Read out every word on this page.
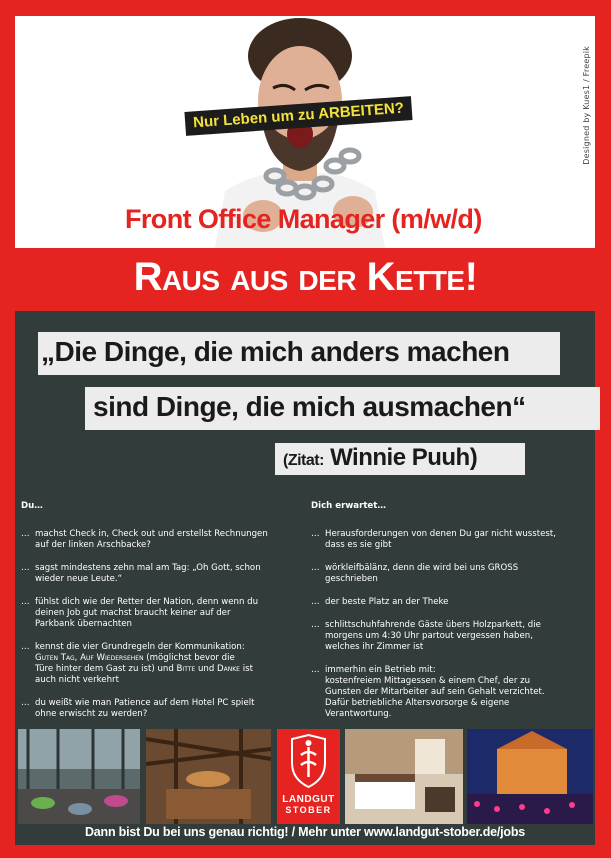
Designed by Kues1 / Freepik
Nur Leben um zu ARBEITEN?
Front Office Manager (m/w/d)
Raus aus der Kette!
„Die Dinge, die mich anders machen
sind Dinge, die mich ausmachen“
(Zitat: Winnie Puuh)
Du…
… machst Check in, Check out und erstellst Rechnungen
auf der linken Arschbacke?
… sagst mindestens zehn mal am Tag: „Oh Gott, schon
wieder neue Leute.“
… fühlst dich wie der Retter der Nation, denn wenn du
deinen Job gut machst braucht keiner auf der
Parkbank übernachten
… kennst die vier Grundregeln der Kommunikation:
Guten Tag, Auf Wiedersehen (möglichst bevor die
Türe hinter dem Gast zu ist) und Bitte und Danke ist
auch nicht verkehrt
… du weißt wie man Patience auf dem Hotel PC spielt
ohne erwischt zu werden?
Dich erwartet…
… Herausforderungen von denen Du gar nicht wusstest,
dass es sie gibt
… wörkleifbälänz, denn die wird bei uns GROSS
geschrieben
… der beste Platz an der Theke
… schlittschuhfahrende Gäste übers Holzparkett, die
morgens um 4:30 Uhr partout vergessen haben,
welches ihr Zimmer ist
… immerhin ein Betrieb mit:
kostenfreiem Mittagessen & einem Chef, der zu
Gunsten der Mitarbeiter auf sein Gehalt verzichtet.
Dafür betriebliche Altersvorsorge & eigene
Verantwortung.
LANDGUT
STOBER
Dann bist Du bei uns genau richtig! / Mehr unter www.landgut-stober.de/jobs
